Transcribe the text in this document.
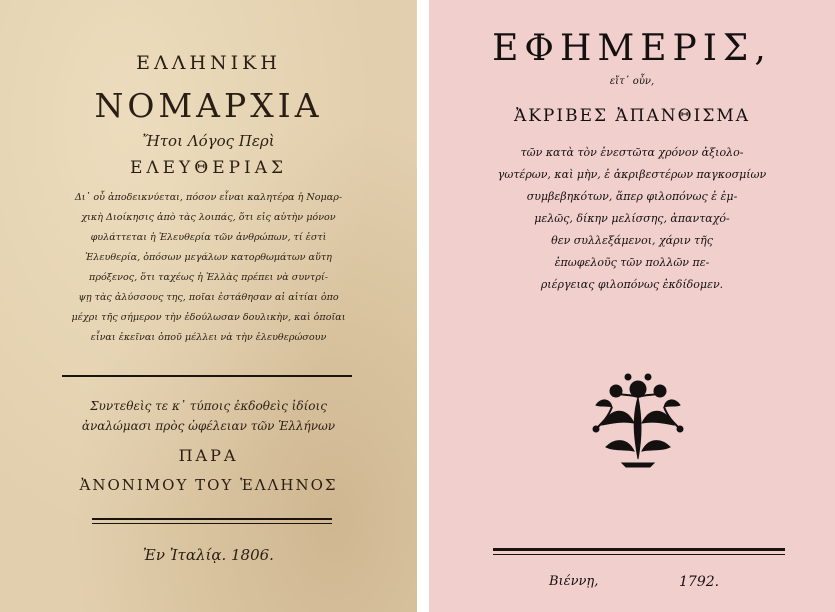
ΕΛΛΗΝΙΚΗ
ΝΟΜΑΡΧΙΑ
Ἤτοι Λόγος Περὶ
ΕΛΕΥΘΕΡΙΑΣ
Δι᾽ οὗ ἀποδεικνύεται, πόσον εἶναι καλητέρα ἡ Νομαρ-
χικὴ Διοίκησις ἀπὸ τὰς λοιπάς, ὅτι εἰς αὐτὴν μόνον
φυλάττεται ἡ Ἐλευθερία τῶν ἀνθρώπων, τί ἐστὶ
Ἐλευθερία, ὁπόσων μεγάλων κατορθωμάτων αὕτη
πρόξενος, ὅτι ταχέως ἡ Ἑλλὰς πρέπει νὰ συντρί-
ψῃ τὰς ἁλύσσους της, ποῖαι ἐστάθησαν αἱ αἰτίαι ὁπο
μέχρι τῆς σήμερον τὴν ἐδούλωσαν δουλικὴν, καὶ ὁποῖαι
εἶναι ἐκεῖναι ὁποῦ μέλλει νὰ τὴν ἐλευθερώσουν
Συντεθεὶς τε κ᾽ τύποις ἐκδοθεὶς ἰδίοις
ἀναλώμασι πρὸς ὠφέλειαν τῶν Ἑλλήνων
ΠΑΡΑ
ἈΝΟΝΙΜΟΥ ΤΟΥ ἙΛΛΗΝΟΣ
Ἐν Ἰταλίᾳ. 1806.
ΕΦΗΜΕΡΙΣ,
εἴτ᾽ οὖν,
ἈΚΡΙΒΕΣ ἈΠΑΝΘΙΣΜΑ
τῶν κατὰ τὸν ἐνεστῶτα χρόνον ἀξιολο-
γωτέρων, καὶ μὴν, ἐ ἀκριβεστέρων παγκοσμίων
συμβεβηκότων, ἅπερ φιλοπόνως ἐ ἐμ-
μελῶς, δίκην μελίσσης, ἁπανταχό-
θεν συλλεξάμενοι, χάριν τῆς
ἐπωφελοῦς τῶν πολλῶν πε-
ριέργειας φιλοπόνως ἐκδίδομεν.
Βιέννῃ,	1792.
